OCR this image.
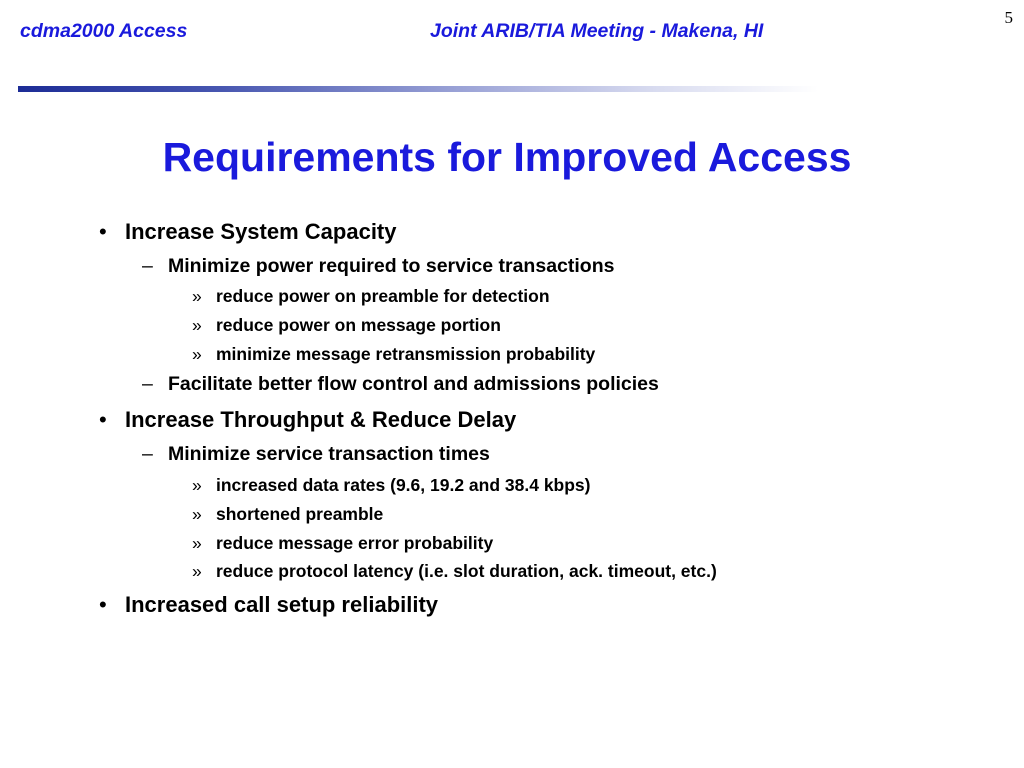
cdma2000 Access	Joint ARIB/TIA Meeting - Makena, HI
5
Requirements for Improved Access
• Increase System Capacity
– Minimize power required to service transactions
» reduce power on preamble for detection
» reduce power on message portion
» minimize message retransmission probability
– Facilitate better flow control and admissions policies
• Increase Throughput & Reduce Delay
– Minimize service transaction times
» increased data rates (9.6, 19.2 and 38.4 kbps)
» shortened preamble
» reduce message error probability
» reduce protocol latency (i.e. slot duration, ack. timeout, etc.)
• Increased call setup reliability
